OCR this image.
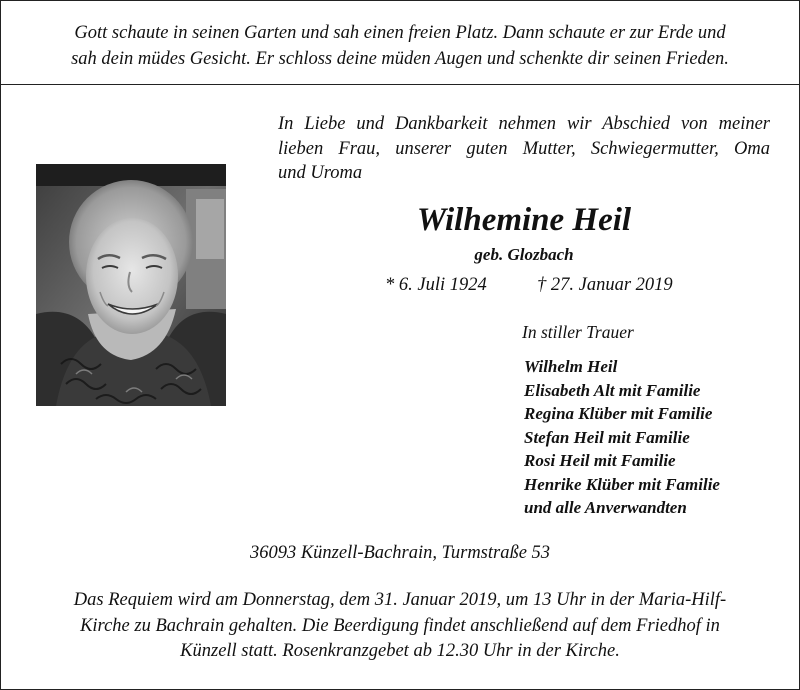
Gott schaute in seinen Garten und sah einen freien Platz. Dann schaute er zur Erde und
sah dein müdes Gesicht. Er schloss deine müden Augen und schenkte dir seinen Frieden.
In Liebe und Dankbarkeit nehmen wir Abschied von meiner
lieben Frau, unserer guten Mutter, Schwiegermutter, Oma
und Uroma
Wilhemine Heil
geb. Glozbach
* 6. Juli 1924	† 27. Januar 2019
In stiller Trauer
Wilhelm Heil
Elisabeth Alt mit Familie
Regina Klüber mit Familie
Stefan Heil mit Familie
Rosi Heil mit Familie
Henrike Klüber mit Familie
und alle Anverwandten
36093 Künzell-Bachrain, Turmstraße 53
Das Requiem wird am Donnerstag, dem 31. Januar 2019, um 13 Uhr in der Maria-Hilf-
Kirche zu Bachrain gehalten. Die Beerdigung findet anschließend auf dem Friedhof in
Künzell statt. Rosenkranzgebet ab 12.30 Uhr in der Kirche.
